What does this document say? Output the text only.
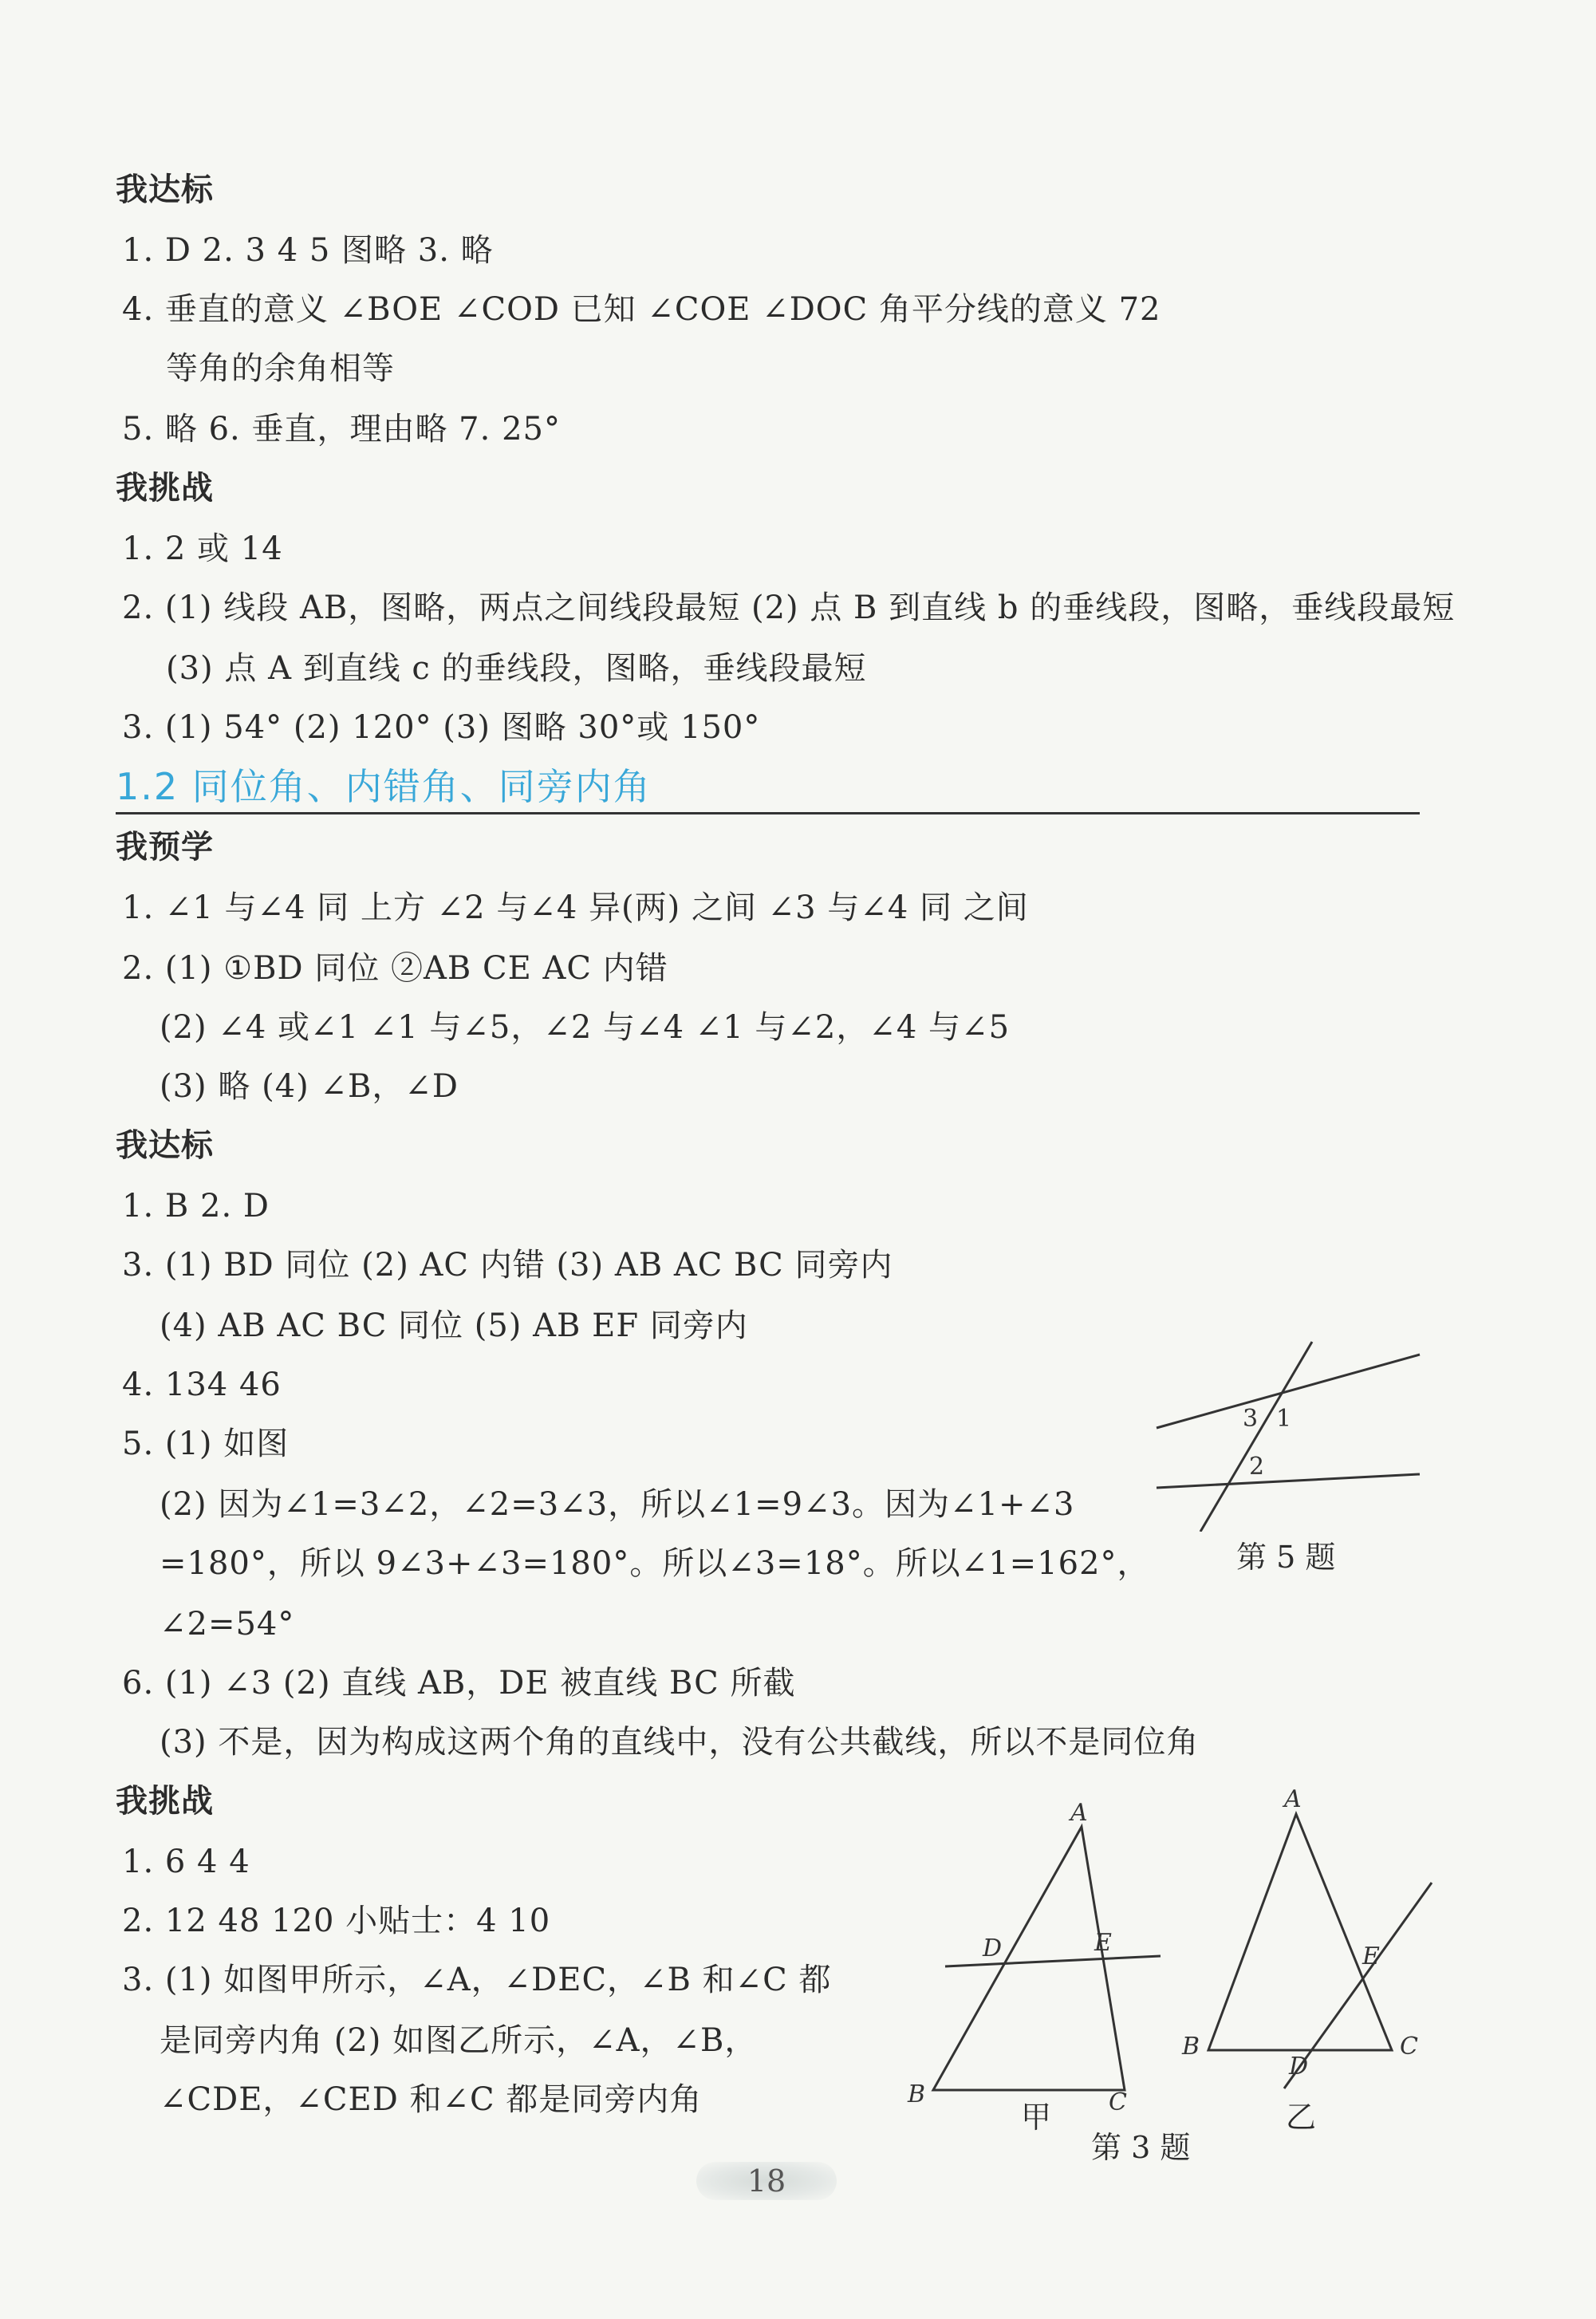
我达标
1. D 2. 3 4 5 图略 3. 略
4. 垂直的意义 ∠BOE ∠COD 已知 ∠COE ∠DOC 角平分线的意义 72
等角的余角相等
5. 略 6. 垂直，理由略 7. 25°
我挑战
1. 2 或 14
2. (1) 线段 AB，图略，两点之间线段最短 (2) 点 B 到直线 b 的垂线段，图略，垂线段最短
(3) 点 A 到直线 c 的垂线段，图略，垂线段最短
3. (1) 54° (2) 120° (3) 图略 30°或 150°
1.2 同位角、内错角、同旁内角
我预学
1. ∠1 与∠4 同 上方 ∠2 与∠4 异(两) 之间 ∠3 与∠4 同 之间
2. (1) ①BD 同位 ②AB CE AC 内错
(2) ∠4 或∠1 ∠1 与∠5，∠2 与∠4 ∠1 与∠2，∠4 与∠5
(3) 略 (4) ∠B，∠D
我达标
1. B 2. D
3. (1) BD 同位 (2) AC 内错 (3) AB AC BC 同旁内
(4) AB AC BC 同位 (5) AB EF 同旁内
4. 134 46
5. (1) 如图
(2) 因为∠1=3∠2，∠2=3∠3，所以∠1=9∠3。因为∠1+∠3
=180°，所以 9∠3+∠3=180°。所以∠3=18°。所以∠1=162°，
∠2=54°
6. (1) ∠3 (2) 直线 AB，DE 被直线 BC 所截
(3) 不是，因为构成这两个角的直线中，没有公共截线，所以不是同位角
我挑战
1. 6 4 4
2. 12 48 120 小贴士：4 10
3. (1) 如图甲所示，∠A，∠DEC，∠B 和∠C 都
是同旁内角 (2) 如图乙所示，∠A，∠B，
∠CDE，∠CED 和∠C 都是同旁内角
3 1
2
第 5 题
A
B	C
D	E
A
B	C
D
E
甲	乙
第 3 题
18
